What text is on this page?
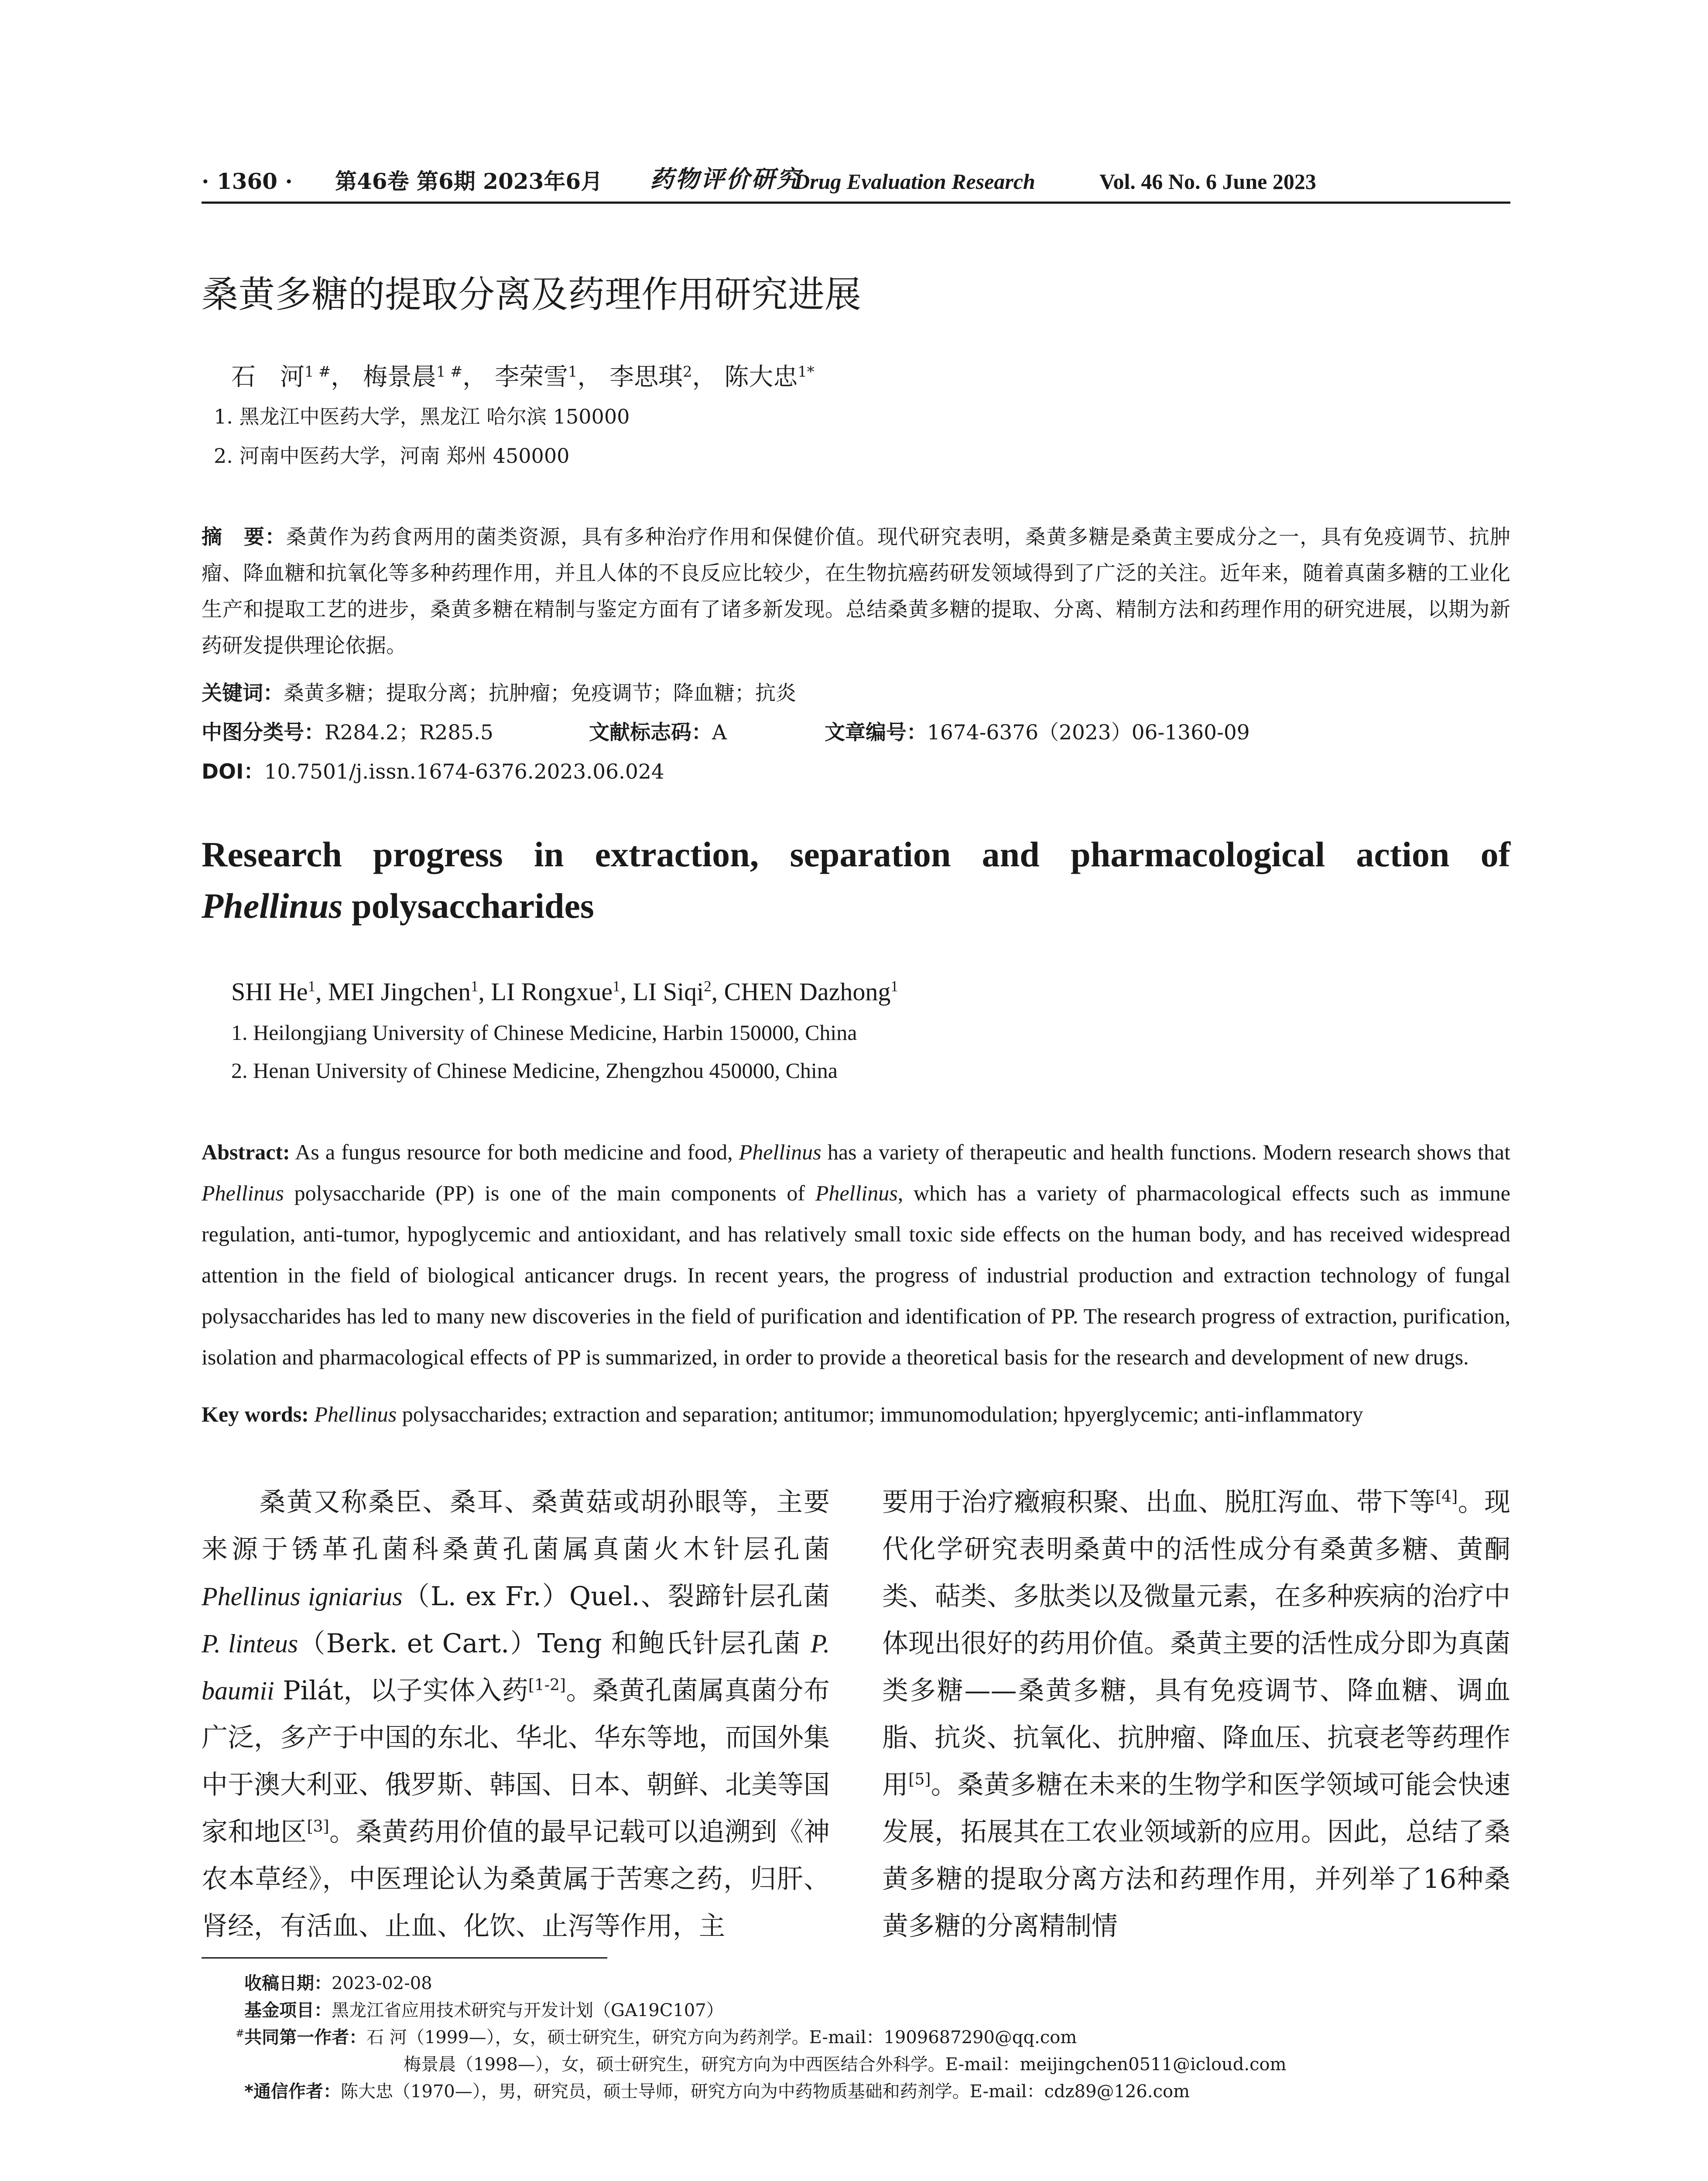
· 1360 · 第46卷 第6期 2023年6月 药物评价研究
Drug Evaluation Research	Vol. 46 No. 6 June 2023
桑黄多糖的提取分离及药理作用研究进展
石　河$^{1 \#}$， 梅景晨$^{1 \#}$， 李荣雪$^1$， 李思琪$^2$， 陈大忠$^{1*}$
1. 黑龙江中医药大学，黑龙江 哈尔滨 150000
2. 河南中医药大学，河南 郑州 450000
摘　要：桑黄作为药食两用的菌类资源，具有多种治疗作用和保健价值。现代研究表明，桑黄多糖是桑黄主要成分之一，具有免疫调节、抗肿瘤、降血糖和抗氧化等多种药理作用，并且人体的不良反应比较少，在生物抗癌药研发领域得到了广泛的关注。近年来，随着真菌多糖的工业化生产和提取工艺的进步，桑黄多糖在精制与鉴定方面有了诸多新发现。总结桑黄多糖的提取、分离、精制方法和药理作用的研究进展，以期为新药研发提供理论依据。
关键词：桑黄多糖；提取分离；抗肿瘤；免疫调节；降血糖；抗炎
中图分类号：R284.2；R285.5	文献标志码：A	文章编号：1674-6376（2023）06-1360-09
DOI：10.7501/j.issn.1674-6376.2023.06.024
Research progress in extraction, separation and pharmacological action of
Phellinus polysaccharides
SHI He$^1$, MEI Jingchen$^1$, LI Rongxue$^1$, LI Siqi$^2$, CHEN Dazhong$^1$
1. Heilongjiang University of Chinese Medicine, Harbin 150000, China
2. Henan University of Chinese Medicine, Zhengzhou 450000, China
Abstract: As a fungus resource for both medicine and food, Phellinus has a variety of therapeutic and health functions. Modern research shows that Phellinus polysaccharide (PP) is one of the main components of Phellinus, which has a variety of pharmacological effects such as immune regulation, anti-tumor, hypoglycemic and antioxidant, and has relatively small toxic side effects on the human body, and has received widespread attention in the field of biological anticancer drugs. In recent years, the progress of industrial production and extraction technology of fungal polysaccharides has led to many new discoveries in the field of purification and identification of PP. The research progress of extraction, purification, isolation and pharmacological effects of PP is summarized, in order to provide a theoretical basis for the research and development of new drugs.
Key words: Phellinus polysaccharides; extraction and separation; antitumor; immunomodulation; hpyerglycemic; anti-inflammatory
桑黄又称桑臣、桑耳、桑黄菇或胡孙眼等，主要来源于锈革孔菌科桑黄孔菌属真菌火木针层孔菌 Phellinus igniarius（L. ex Fr.）Quel.、裂蹄针层孔菌 P. linteus（Berk. et Cart.）Teng 和鲍氏针层孔菌 P. baumii Pilát，以子实体入药[1-2]。桑黄孔菌属真菌分布广泛，多产于中国的东北、华北、华东等地，而国外集中于澳大利亚、俄罗斯、韩国、日本、朝鲜、北美等国家和地区[3]。桑黄药用价值的最早记载可以追溯到《神农本草经》，中医理论认为桑黄属于苦寒之药，归肝、肾经，有活血、止血、化饮、止泻等作用，主
要用于治疗癥瘕积聚、出血、脱肛泻血、带下等[4]。现代化学研究表明桑黄中的活性成分有桑黄多糖、黄酮类、萜类、多肽类以及微量元素，在多种疾病的治疗中体现出很好的药用价值。桑黄主要的活性成分即为真菌类多糖——桑黄多糖，具有免疫调节、降血糖、调血脂、抗炎、抗氧化、抗肿瘤、降血压、抗衰老等药理作用[5]。桑黄多糖在未来的生物学和医学领域可能会快速发展，拓展其在工农业领域新的应用。因此，总结了桑黄多糖的提取分离方法和药理作用，并列举了16种桑黄多糖的分离精制情
收稿日期：2023-02-08
基金项目：黑龙江省应用技术研究与开发计划（GA19C107）
#共同第一作者：石 河（1999—），女，硕士研究生，研究方向为药剂学。E-mail：1909687290@qq.com
梅景晨（1998—），女，硕士研究生，研究方向为中西医结合外科学。E-mail：meijingchen0511@icloud.com
*通信作者：陈大忠（1970—），男，研究员，硕士导师，研究方向为中药物质基础和药剂学。E-mail：cdz89@126.com
